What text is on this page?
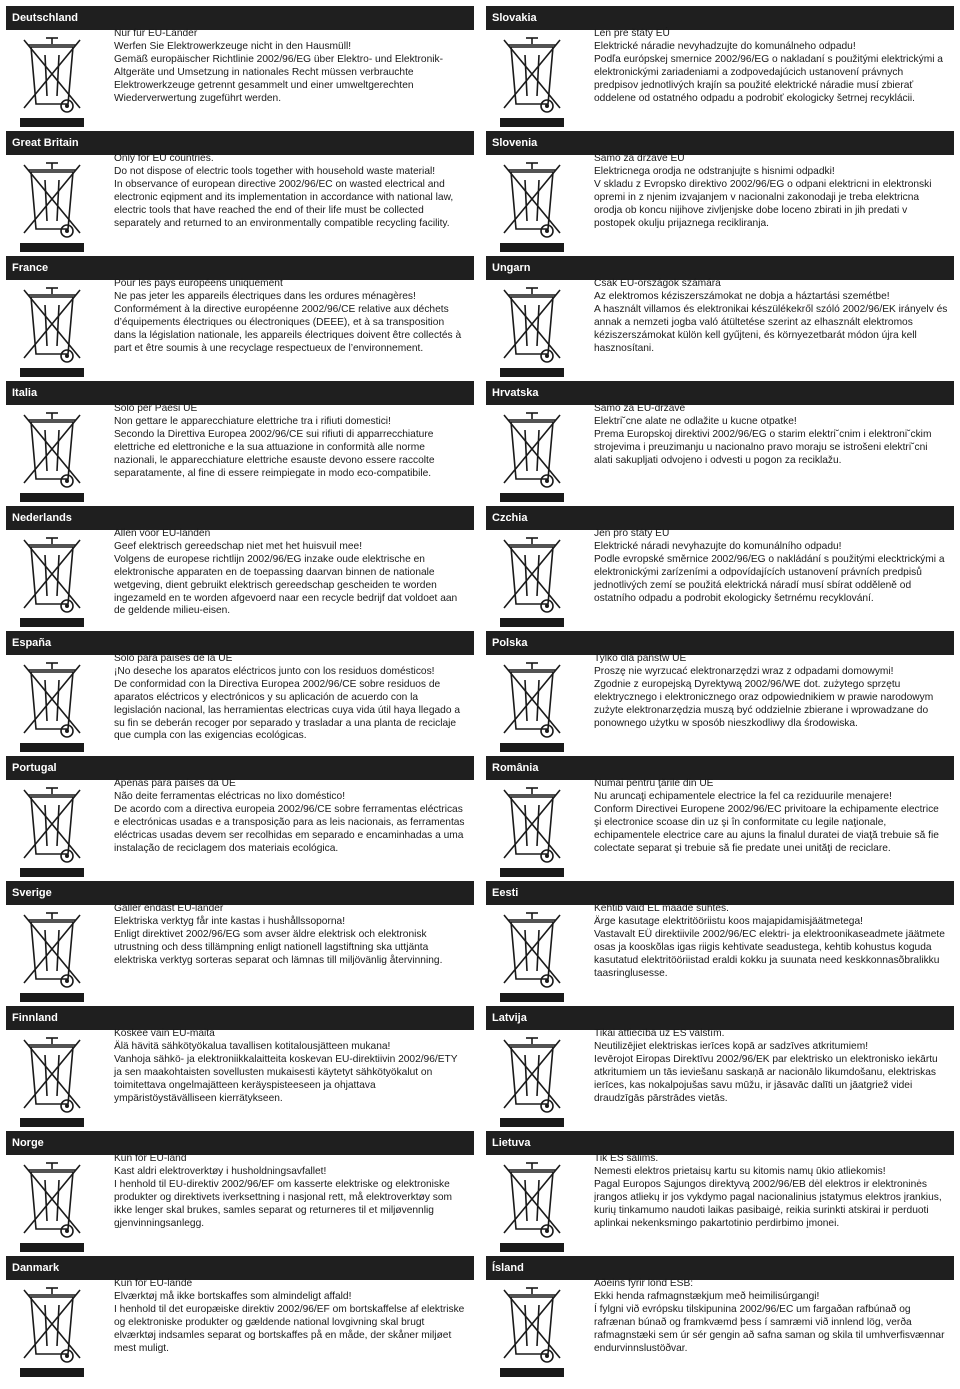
Deutschland
Nur für EU-Länder
Werfen Sie Elektrowerkzeuge nicht in den Hausmüll!
Gemäß europäischer Richtlinie 2002/96/EG über Elektro- und Elektronik-Altgeräte und Umsetzung in nationales Recht müssen verbrauchte Elektrowerkzeuge getrennt gesammelt und einer umweltgerechten Wiederverwertung zugeführt werden.
Great Britain
Only for EU countries.
Do not dispose of electric tools together with household waste material!
In observance of european directive 2002/96/EC on wasted electrical and electronic eqipment and its implementation in accordance with national law, electric tools that have reached the end of their life must be collected separately and returned to an environmentally compatible recycling facility.
France
Pour les pays européens uniquement
Ne pas jeter les appareils électriques dans les ordures ménagères!
Conformément à la directive européenne 2002/96/CE relative aux déchets d’équipements électriques ou électroniques (DEEE), et à sa transposition dans la législation nationale, les appareils électriques doivent être collectés à part et être soumis à une recyclage respectueux de l’environnement.
Italia
Solo per Paesi UE
Non gettare le apparecchiature elettriche tra i rifiuti domestici!
Secondo la Direttiva Europea 2002/96/CE sui rifiuti di apparrecchiature elettriche ed elettroniche e la sua attuazione in conformità alle norme nazionali, le apparecchiature elettriche esauste devono essere raccolte separatamente, al fine di essere reimpiegate in modo eco-compatibile.
Nederlands
Allen voor EU-landen
Geef elektrisch gereedschap niet met het huisvuil mee!
Volgens de europese richtlijn 2002/96/EG inzake oude elektrische en elektronische apparaten en de toepassing daarvan binnen de nationale wetgeving, dient gebruikt elektrisch gereedschap gescheiden te worden ingezameld en te worden afgevoerd naar een recycle bedrijf dat voldoet aan de geldende milieu-eisen.
España
Sólo para países de la UE
¡No deseche los aparatos eléctricos junto con los residuos domésticos!
De conformidad con la Directiva Europea 2002/96/CE sobre residuos de aparatos eléctricos y electrónicos y su aplicación de acuerdo con la legislación nacional, las herramientas electricas cuya vida útil haya llegado a su fin se deberán recoger por separado y trasladar a una planta de reciclaje que cumpla con las exigencias ecológicas.
Portugal
Apenas para países da UE
Não deite ferramentas eléctricas no lixo doméstico!
De acordo com a directiva europeia 2002/96/CE sobre ferramentas eléctricas e electrónicas usadas e a transposição para as leis nacionais, as ferramentas eléctricas usadas devem ser recolhidas em separado e encaminhadas a uma instalação de reciclagem dos materiais ecológica.
Sverige
Gäller endast EU-länder
Elektriska verktyg får inte kastas i hushållssoporna!
Enligt direktivet 2002/96/EG som avser äldre elektrisk och elektronisk utrustning och dess tillämpning enligt nationell lagstiftning ska uttjänta elektriska verktyg sorteras separat och lämnas till miljövänlig återvinning.
Finnland
Koskee vain EU-maita
Älä hävitä sähkötyökalua tavallisen kotitalousjätteen mukana!
Vanhoja sähkö- ja elektroniikkalaitteita koskevan EU-direktiivin 2002/96/ETY ja sen maakohtaisten sovellusten mukaisesti käytetyt sähkötyökalut on toimitettava ongelmajätteen keräyspisteeseen ja ohjattava ympäristöystävälliseen kierrätykseen.
Norge
Kun for EU-land
Kast aldri elektroverktøy i husholdningsavfallet!
I henhold til EU-direktiv 2002/96/EF om kasserte elektriske og elektroniske produkter og direktivets iverksettning i nasjonal rett, må elektroverktøy som ikke lenger skal brukes, samles separat og returneres til et miljøvennlig gjenvinningsanlegg.
Danmark
Kun for EU-lande
Elværktøj må ikke bortskaffes som almindeligt affald!
I henhold til det europæiske direktiv 2002/96/EF om bortskaffelse af elektriske og elektroniske produkter og gældende national lovgivning skal brugt elværktøj indsamles separat og bortskaffes på en måde, der skåner miljøet mest muligt.
Slovakia
Len pre štáty EÚ
Elektrické náradie nevyhadzujte do komunálneho odpadu!
Podľa európskej smernice 2002/96/EG o nakladaní s použitými elektrickými a elektronickými zariadeniami a zodpovedajúcich ustanovení právnych predpisov jednotlivých krajín sa použité elektrické náradie musí zbierať oddelene od ostatného odpadu a podrobiť ekologicky šetrnej recyklácii.
Slovenia
Samo za drzave EU
Elektricnega orodja ne odstranjujte s hisnimi odpadki!
V skladu z Evropsko direktivo 2002/96/EG o odpani elektricni in elektronski opremi in z njenim izvajanjem v nacionalni zakonodaji je treba elektricna orodja ob koncu nijihove zivljenjske dobe loceno zbirati in jih predati v postopek okulju prijaznega recikliranja.
Ungarn
Csak EU-országok számára
Az elektromos kéziszerszámokat ne dobja a háztartási szemétbe!
A használt villamos és elektronikai készülékekről szóló 2002/96/EK irányelv és annak a nemzeti jogba való átültetése szerint az elhasznált elektromos kéziszerszámokat külön kell gyűjteni, és környezetbarát módon újra kell hasznosítani.
Hrvatska
Samo za EU-države
Elektri˘cne alate ne odlažite u kucne otpatke!
Prema Europskoj direktivi 2002/96/EG o starim elektri˘cnim i elektroni˘ckim strojevima i preuzimanju u nacionalno pravo moraju se istrošeni elektri˘cni alati sakupljati odvojeno i odvesti u pogon za reciklažu.
Czchia
Jen pro státy EU
Elektrické náradi nevyhazujte do komunálního odpadu!
Podle evropské směrnice 2002/96/EG o nakládání s použitými elecktrickými a elektronickými zarízeními a odpovídajících ustanovení právních predpisů jednotlivých zemí se použitá elektrická náradí musí sbírat odděleně od ostatního odpadu a podrobit ekologicky šetrnému recyklování.
Polska
Tylko dla państw UE
Proszę nie wyrzucać elektronarzędzi wraz z odpadami domowymi!
Zgodnie z europejską Dyrektywą 2002/96/WE dot. zużytego sprzętu elektrycznego i elektronicznego oraz odpowiednikiem w prawie narodowym zużyte elektronarzędzia muszą być oddzielnie zbierane i wprowadzane do ponownego użytku w sposób nieszkodliwy dla środowiska.
România
Numai pentru ţările din UE
Nu aruncaţi echipamentele electrice la fel ca reziduurile menajere!
Conform Directivei Europene 2002/96/EC privitoare la echipamente electrice şi electronice scoase din uz şi în conformitate cu legile naţionale, echipamentele electrice care au ajuns la finalul duratei de viaţă trebuie să fie colectate separat şi trebuie să fie predate unei unităţi de reciclare.
Eesti
Kehtib vaid EL maade suhtes.
Ärge kasutage elektritööriistu koos majapidamisjäätmetega!
Vastavalt EÜ direktiivile 2002/96/EC elektri- ja elektroonikaseadmete jäätmete osas ja kooskõlas igas riigis kehtivate seadustega, kehtib kohustus koguda kasutatud elektritööriistad eraldi kokku ja suunata need keskkonnasõbralikku taasringlusesse.
Latvija
Tikai attiecībā uz ES valstīm.
Neutilizējiet elektriskas ierīces kopā ar sadzīves atkritumiem!
Ievērojot Eiropas Direktīvu 2002/96/EK par elektrisko un elektronisko iekārtu atkritumiem un tās ieviešanu saskaņā ar nacionālo likumdošanu, elektriskas ierīces, kas nokalpojušas savu mūžu, ir jāsavāc dalīti un jāatgriež videi draudzīgās pārstrādes vietās.
Lietuva
Tik ES šalims.
Nemesti elektros prietaisų kartu su kitomis namų ūkio atliekomis!
Pagal Europos Sąjungos direktyvą 2002/96/EB dėl elektros ir elektroninės įrangos atliekų ir jos vykdymo pagal nacionalinius įstatymus elektros įrankius, kurių tinkamumo naudoti laikas pasibaigė, reikia surinkti atskirai ir perduoti aplinkai nekenksmingo pakartotinio perdirbimo įmonei.
Ísland
Aðeins fyrir lönd ESB:
Ekki henda rafmagnstækjum með heimilisúrgangi!
Í fylgni við evrópsku tilskipunina 2002/96/EC um fargaðan rafbúnað og rafrænan búnað og framkvæmd þess í samræmi við innlend lög, verða rafmagnstæki sem úr sér gengin að safna saman og skila til umhverfisvænnar endurvinnslustöðvar.
